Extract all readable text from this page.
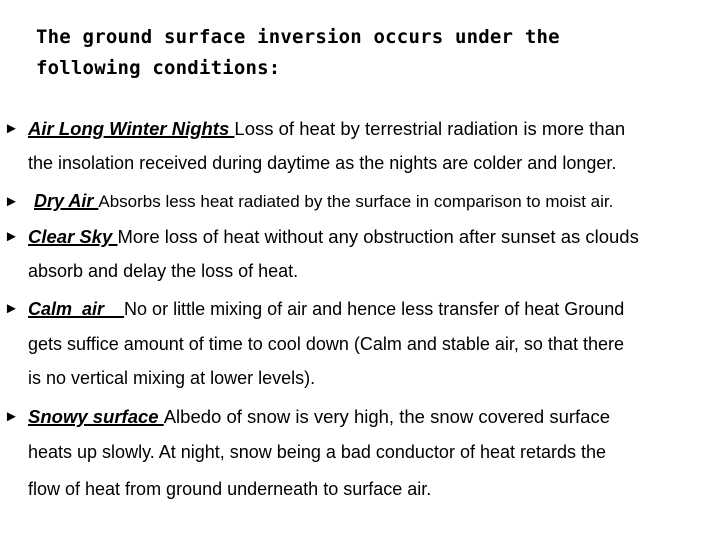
The ground surface inversion occurs under the
following conditions:
► Air Long Winter Nights Loss of heat by terrestrial radiation is more than
the insolation received during daytime as the nights are colder and longer.
► Dry Air Absorbs less heat radiated by the surface in comparison to moist air.
► Clear Sky More loss of heat without any obstruction after sunset as clouds
absorb and delay the loss of heat.
► Calm  air    No or little mixing of air and hence less transfer of heat Ground
gets suffice amount of time to cool down (Calm and stable air, so that there
is no vertical mixing at lower levels).
► Snowy surface Albedo of snow is very high, the snow covered surface
heats up slowly. At night, snow being a bad conductor of heat retards the
flow of heat from ground underneath to surface air.
